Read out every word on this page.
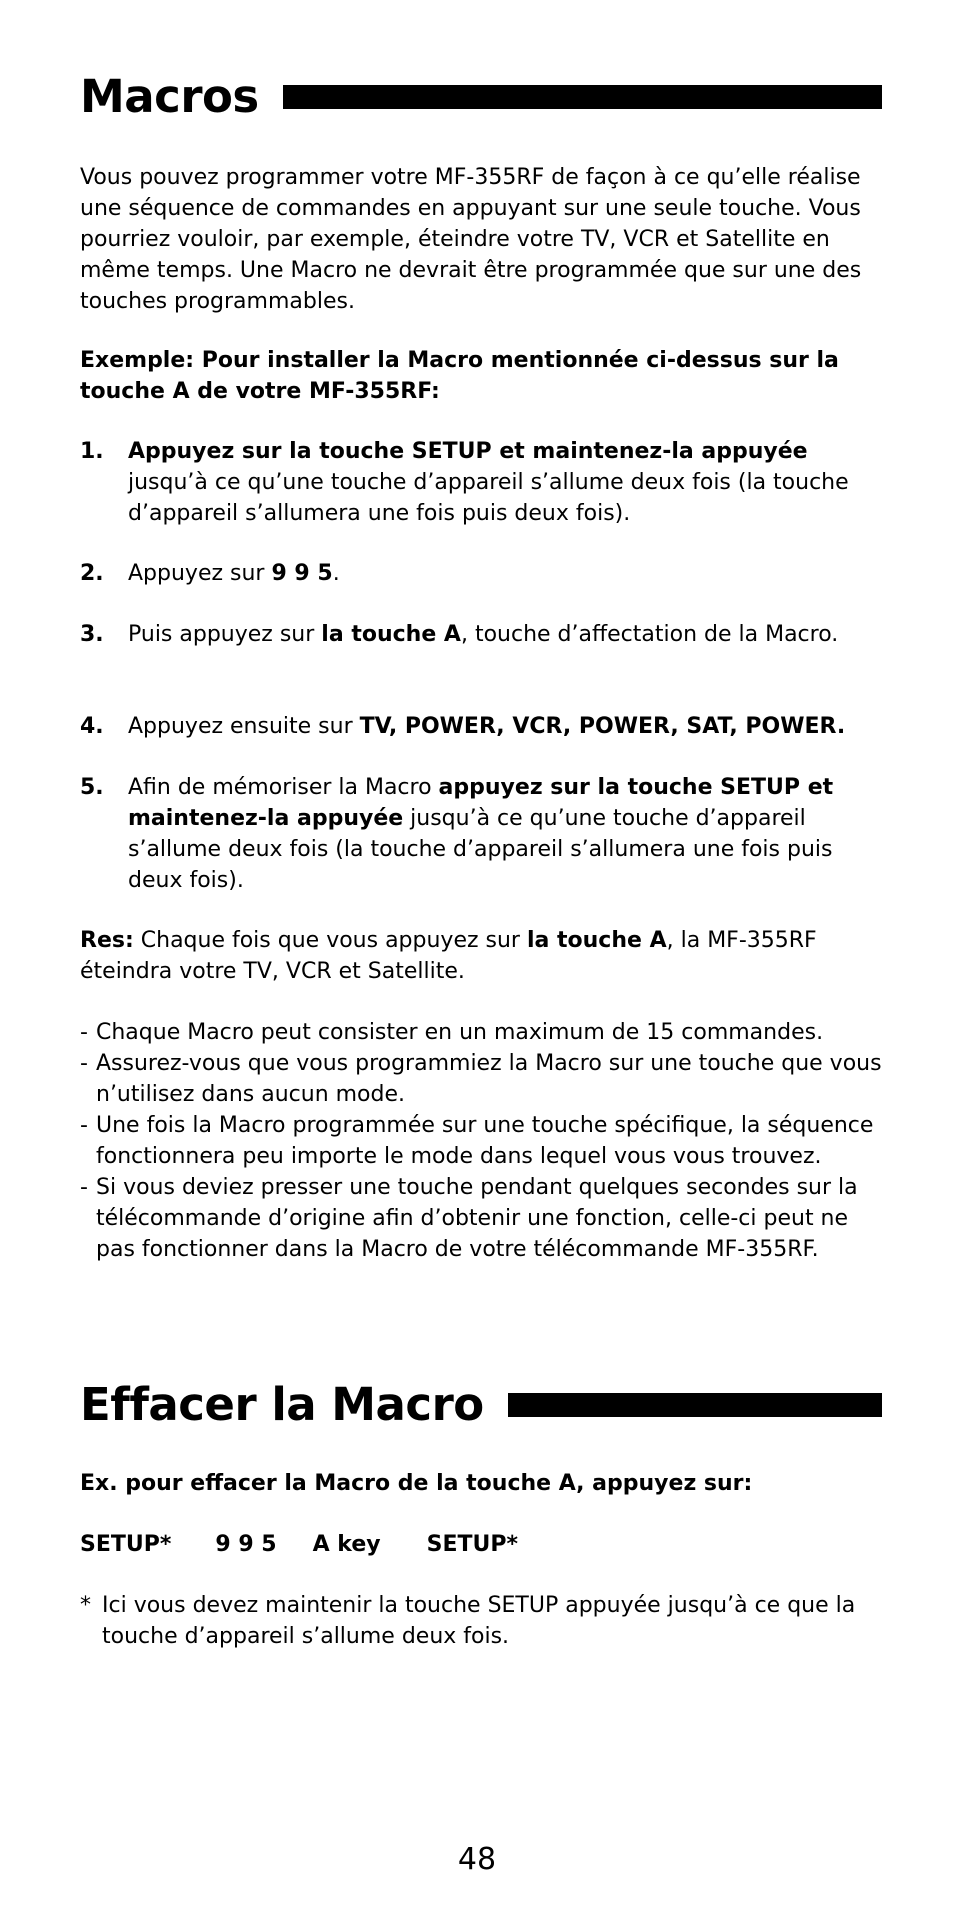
Macros
Vous pouvez programmer votre MF-355RF de façon à ce qu’elle réalise une séquence de commandes en appuyant sur une seule touche. Vous pourriez vouloir, par exemple, éteindre votre TV, VCR et Satellite en même temps. Une Macro ne devrait être programmée que sur une des touches programmables.
Exemple: Pour installer la Macro mentionnée ci-dessus sur la touche A de votre MF-355RF:
1.	Appuyez sur la touche SETUP et maintenez-la appuyée jusqu’à ce qu’une touche d’appareil s’allume deux fois (la touche d’appareil s’allumera une fois puis deux fois).
2.	Appuyez sur 9 9 5.
3.	Puis appuyez sur la touche A, touche d’affectation de la Macro.
4.	Appuyez ensuite sur TV, POWER, VCR, POWER, SAT, POWER.
5.	Afin de mémoriser la Macro appuyez sur la touche SETUP et maintenez-la appuyée jusqu’à ce qu’une touche d’appareil s’allume deux fois (la touche d’appareil s’allumera une fois puis deux fois).
Res: Chaque fois que vous appuyez sur la touche A, la MF-355RF éteindra votre TV, VCR et Satellite.
- Chaque Macro peut consister en un maximum de 15 commandes.
- Assurez-vous que vous programmiez la Macro sur une touche que vous n’utilisez dans aucun mode.
- Une fois la Macro programmée sur une touche spécifique, la séquence fonctionnera peu importe le mode dans lequel vous vous trouvez.
- Si vous deviez presser une touche pendant quelques secondes sur la télécommande d’origine afin d’obtenir une fonction, celle-ci peut ne pas fonctionner dans la Macro de votre télécommande MF-355RF.
Effacer la Macro
Ex. pour effacer la Macro de la touche A, appuyez sur:
SETUP* 9 9 5 A key SETUP*
* Ici vous devez maintenir la touche SETUP appuyée jusqu’à ce que la touche d’appareil s’allume deux fois.
48
